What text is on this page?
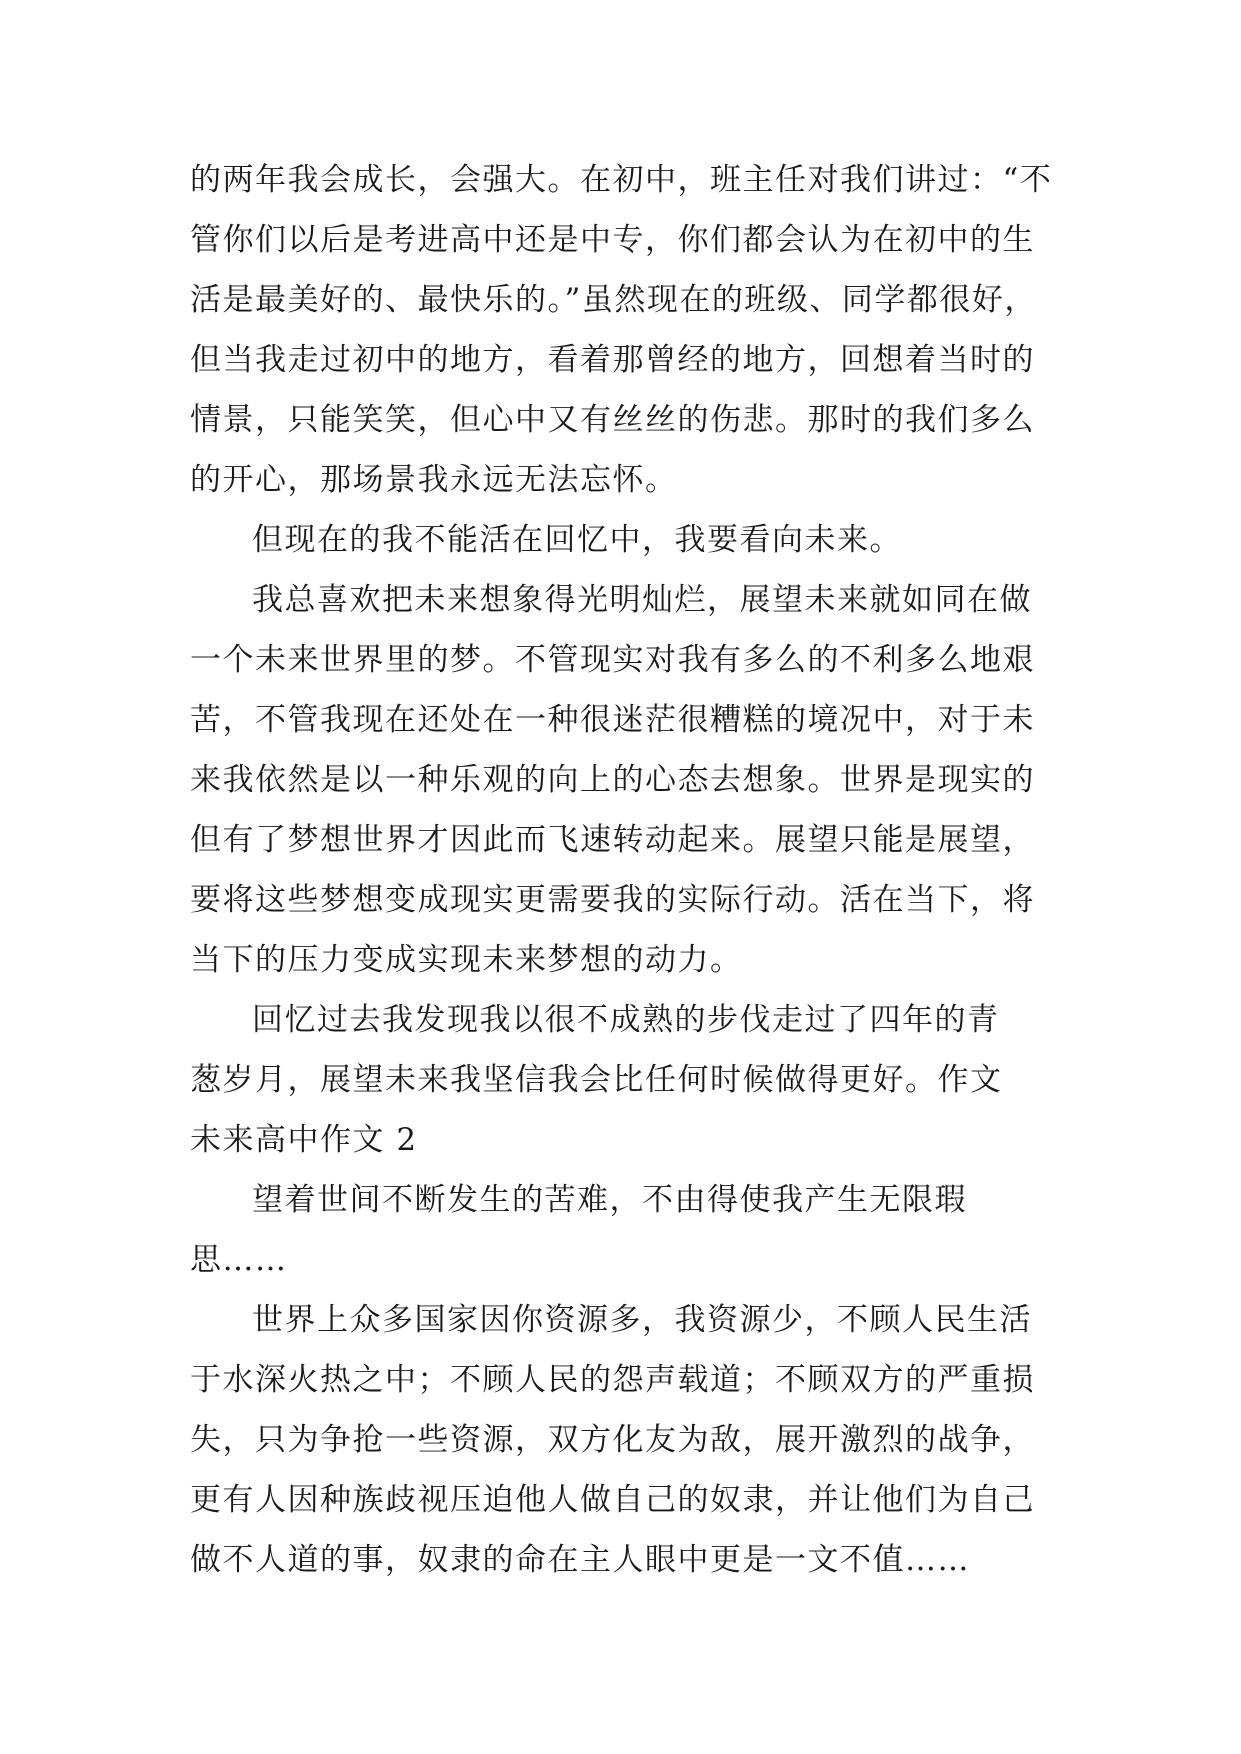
的两年我会成长，会强大。在初中，班主任对我们讲过：“不
管你们以后是考进高中还是中专，你们都会认为在初中的生
活是最美好的、最快乐的。”虽然现在的班级、同学都很好，
但当我走过初中的地方，看着那曾经的地方，回想着当时的
情景，只能笑笑，但心中又有丝丝的伤悲。那时的我们多么
的开心，那场景我永远无法忘怀。
但现在的我不能活在回忆中，我要看向未来。
我总喜欢把未来想象得光明灿烂，展望未来就如同在做
一个未来世界里的梦。不管现实对我有多么的不利多么地艰
苦，不管我现在还处在一种很迷茫很糟糕的境况中，对于未
来我依然是以一种乐观的向上的心态去想象。世界是现实的
但有了梦想世界才因此而飞速转动起来。展望只能是展望，
要将这些梦想变成现实更需要我的实际行动。活在当下，将
当下的压力变成实现未来梦想的动力。
回忆过去我发现我以很不成熟的步伐走过了四年的青
葱岁月，展望未来我坚信我会比任何时候做得更好。作文
未来高中作文 2
望着世间不断发生的苦难，不由得使我产生无限瑕
思……
世界上众多国家因你资源多，我资源少，不顾人民生活
于水深火热之中；不顾人民的怨声载道；不顾双方的严重损
失，只为争抢一些资源，双方化友为敌，展开激烈的战争，
更有人因种族歧视压迫他人做自己的奴隶，并让他们为自己
做不人道的事，奴隶的命在主人眼中更是一文不值……
